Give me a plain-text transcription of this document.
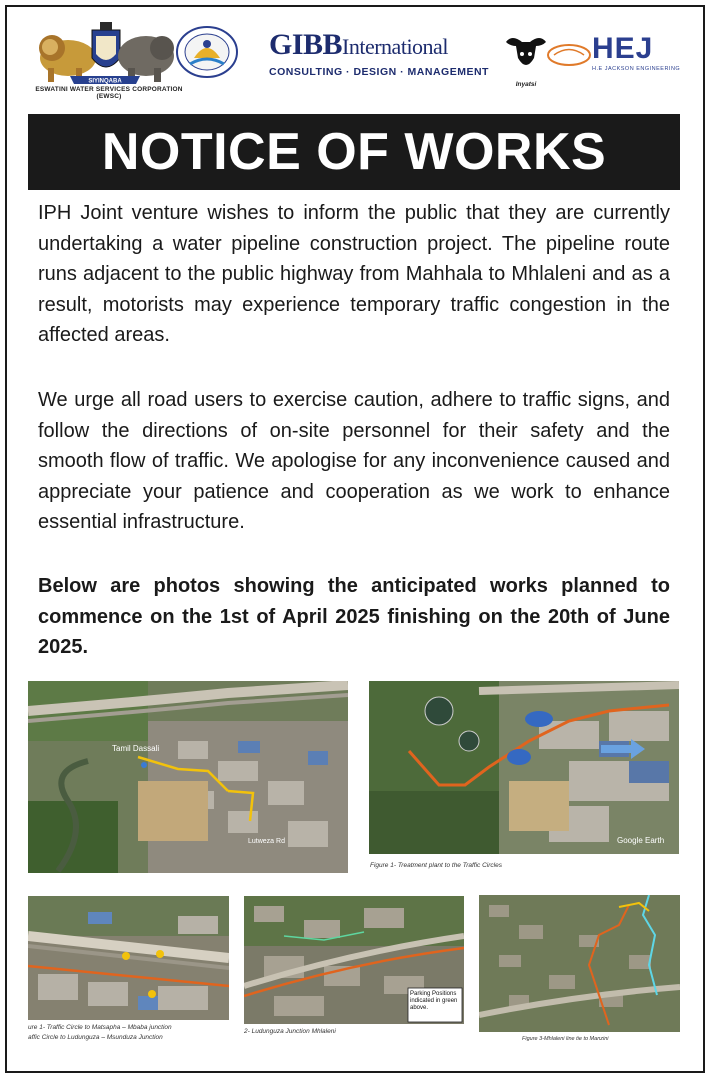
SIYINQABA
ESWATINI WATER SERVICES CORPORATION (EWSC)
GIBBInternational
CONSULTING · DESIGN · MANAGEMENT
Inyatsi
HEJ
H.E JACKSON ENGINEERING
NOTICE OF WORKS
IPH Joint venture wishes to inform the public that they are currently undertaking a water pipeline construction project. The pipeline route runs adjacent to the public highway from Mahhala to Mhlaleni and as a result, motorists may experience temporary traffic congestion in the affected areas.
We urge all road users to exercise caution, adhere to traffic signs, and follow the directions of on-site personnel for their safety and the smooth flow of traffic. We apologise for any inconvenience caused and appreciate your patience and cooperation as we work to enhance essential infrastructure.
Below are photos showing the anticipated works planned to commence on the 1st of April 2025 finishing on the 20th of June 2025.
Tamil Dassali
Lutweza Rd	Google Earth
Figure 1- Treatment plant to the Traffic Circles
ure 1- Traffic Circle to Matsapha – Mbaba junction
affic Circle to Ludunguza – Msunduza Junction
Parking Positions indicated in green above.
2- Ludunguza Junction Mhlaleni
Figure 3-Mhlaleni line tie to Manzini
